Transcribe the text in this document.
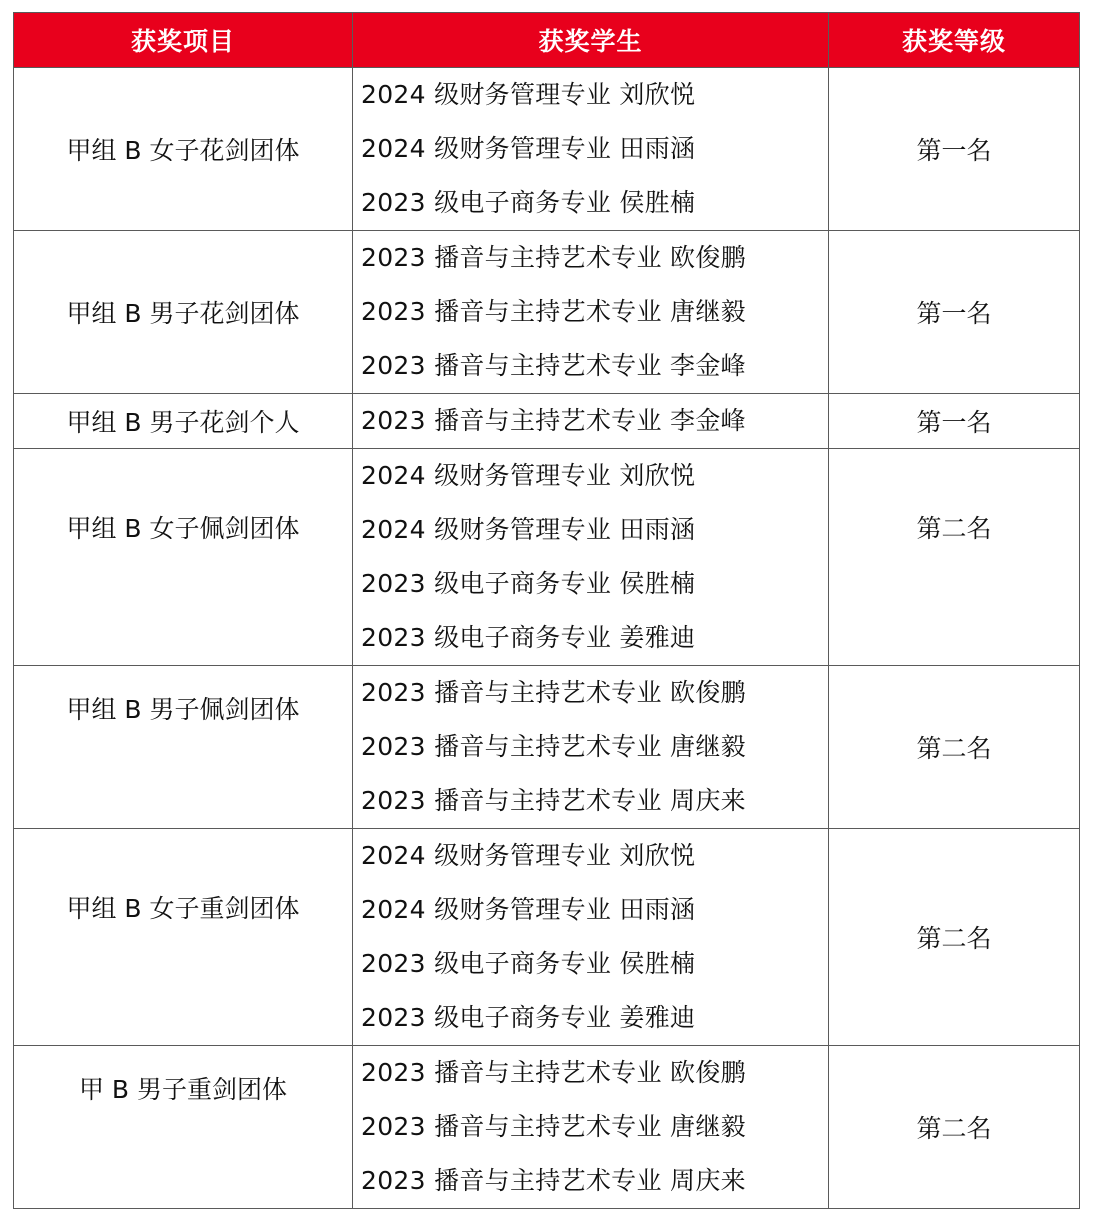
获奖项目	获奖学生	获奖等级
甲组 B 女子花剑团体	2024 级财务管理专业 刘欣悦
2024 级财务管理专业 田雨涵
2023 级电子商务专业 侯胜楠	第一名
甲组 B 男子花剑团体	2023 播音与主持艺术专业 欧俊鹏
2023 播音与主持艺术专业 唐继毅
2023 播音与主持艺术专业 李金峰	第一名
甲组 B 男子花剑个人	2023 播音与主持艺术专业 李金峰	第一名

甲组 B 女子佩剑团体	2024 级财务管理专业 刘欣悦
2024 级财务管理专业 田雨涵
2023 级电子商务专业 侯胜楠
2023 级电子商务专业 姜雅迪	第二名

甲组 B 男子佩剑团体	2023 播音与主持艺术专业 欧俊鹏
2023 播音与主持艺术专业 唐继毅
2023 播音与主持艺术专业 周庆来	第二名

甲组 B 女子重剑团体	2024 级财务管理专业 刘欣悦
2024 级财务管理专业 田雨涵
2023 级电子商务专业 侯胜楠
2023 级电子商务专业 姜雅迪	第二名

甲 B 男子重剑团体	2023 播音与主持艺术专业 欧俊鹏
2023 播音与主持艺术专业 唐继毅
2023 播音与主持艺术专业 周庆来	第二名
